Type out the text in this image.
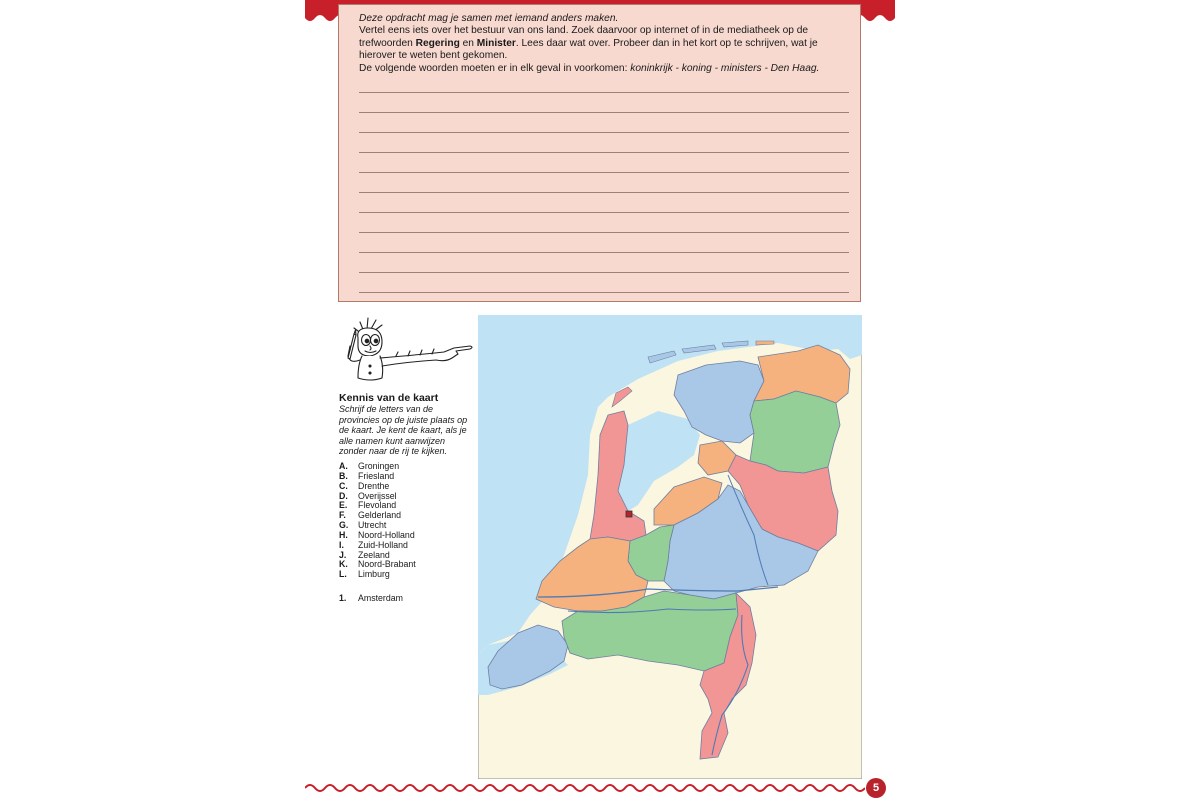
Deze opdracht mag je samen met iemand anders maken.

Vertel eens iets over het bestuur van ons land. Zoek daarvoor op internet of in de mediatheek op de

trefwoorden Regering en Minister. Lees daar wat over. Probeer dan in het kort op te schrijven, wat je

hierover te weten bent gekomen.

De volgende woorden moeten er in elk geval in voorkomen: koninkrijk - koning - ministers - Den Haag.

Kennis van de kaart
Schrijf de letters van de provincies op de juiste plaats op de kaart. Je kent de kaart, als je alle namen kunt aanwijzen zonder naar de rij te kijken.
A. Groningen
B. Friesland
C. Drenthe
D. Overijssel
E. Flevoland
F. Gelderland
G. Utrecht
H. Noord-Holland
I. Zuid-Holland
J. Zeeland
K. Noord-Brabant
L. Limburg
1. Amsterdam
5
